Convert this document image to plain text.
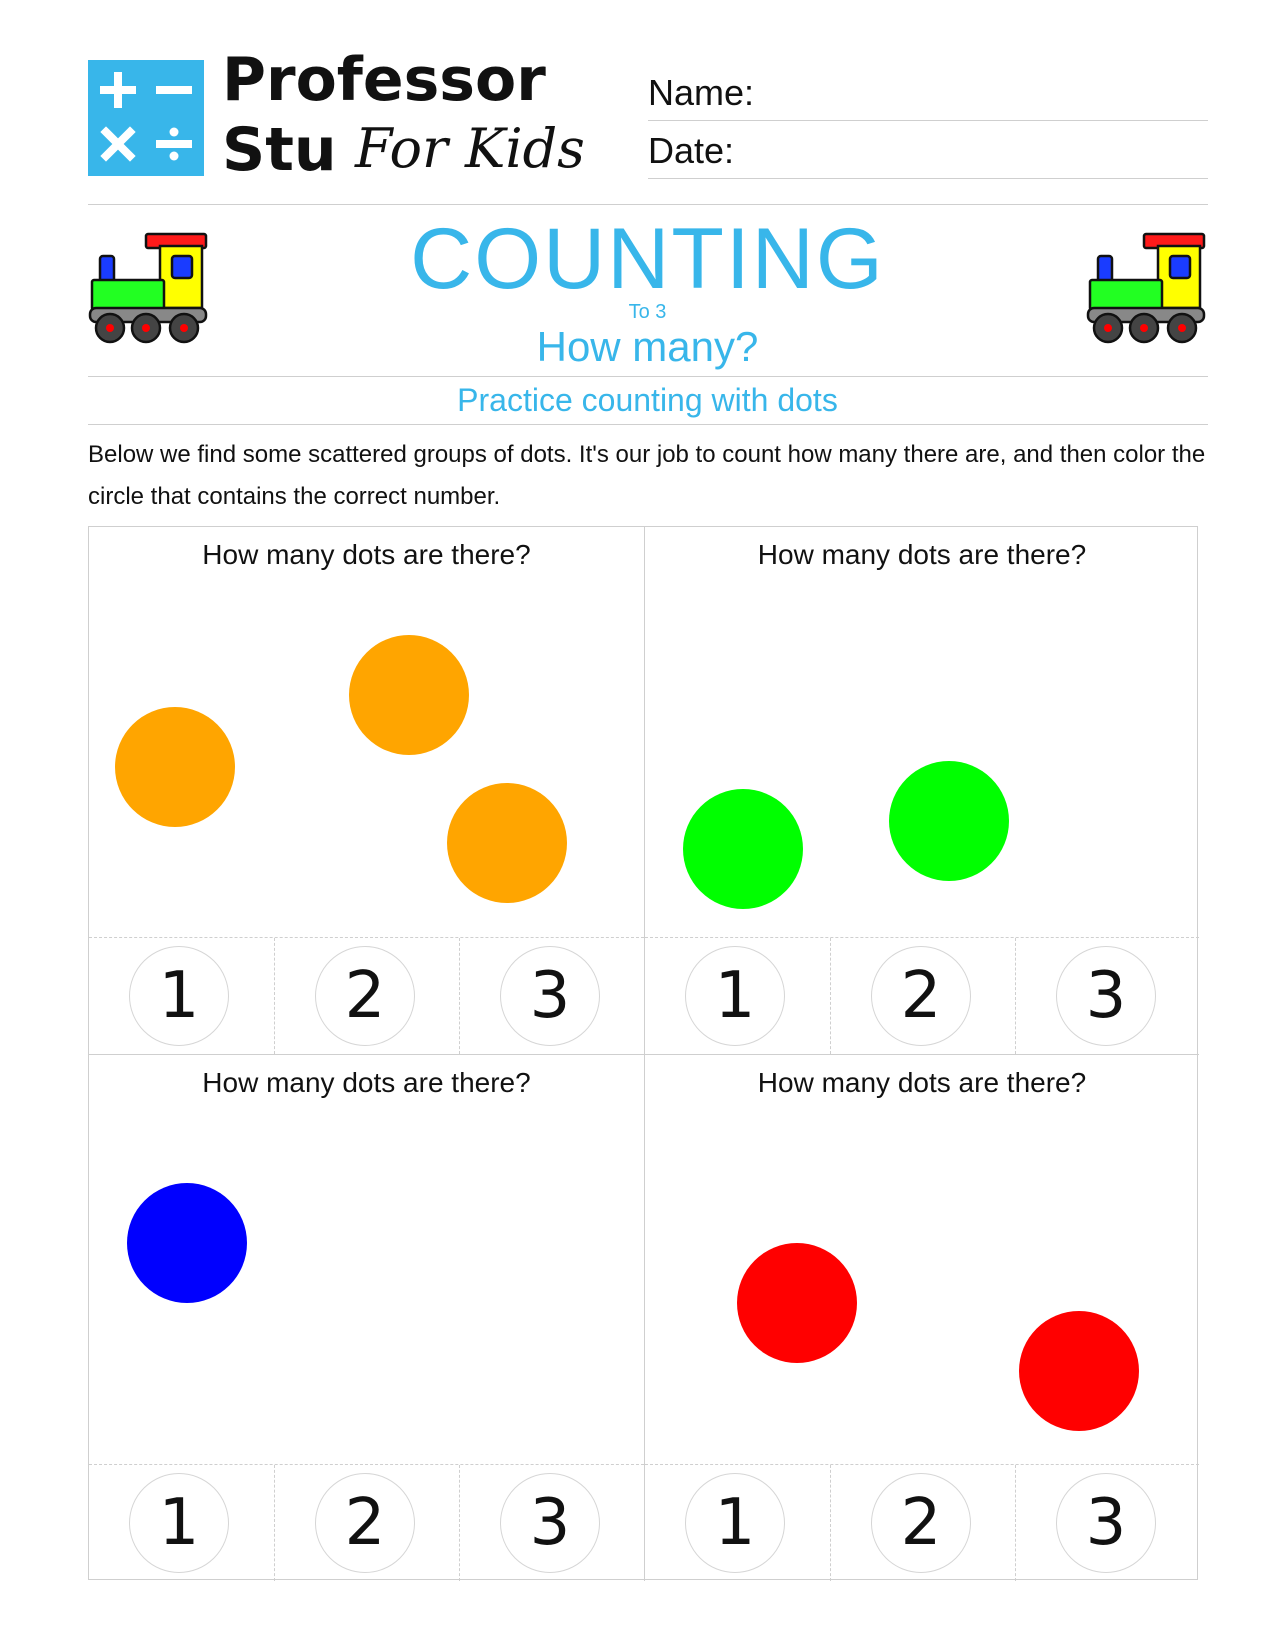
Professor
Stu For Kids
Name:
Date:
COUNTING
To 3
How many?
Practice counting with dots
Below we find some scattered groups of dots. It's our job to count how many there are, and then color the circle that contains the correct number.
How many dots are there?
1	2	3
How many dots are there?
1	2	3
How many dots are there?
1	2	3
How many dots are there?
1	2	3
